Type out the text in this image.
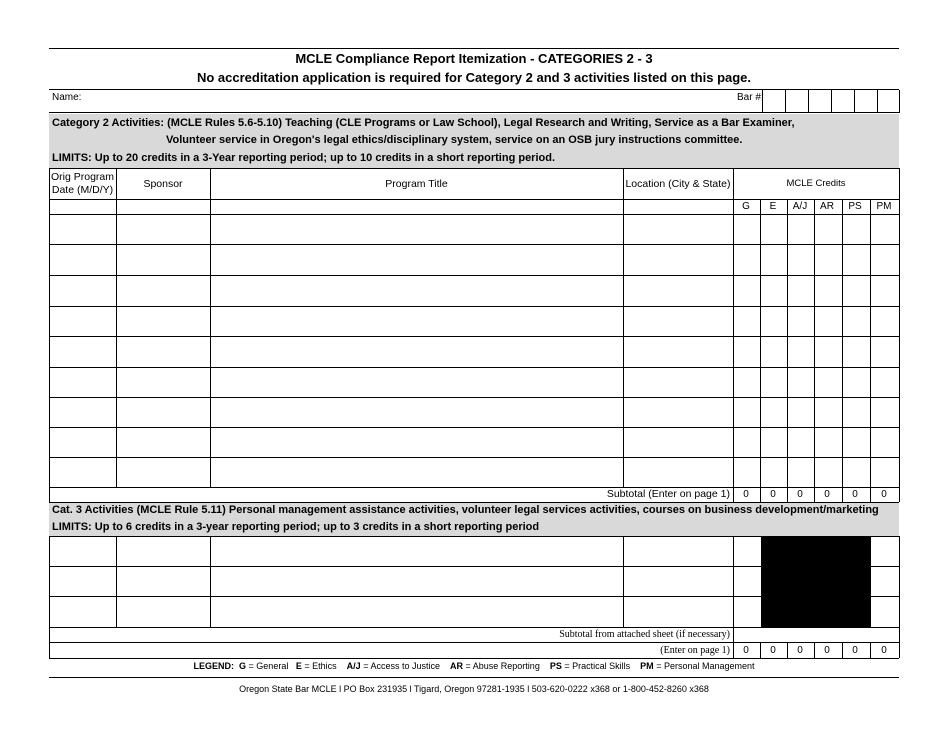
MCLE Compliance Report Itemization - CATEGORIES 2 - 3
No accreditation application is required for Category 2 and 3 activities listed on this page.
Name:	Bar #:
Category 2 Activities: (MCLE Rules 5.6-5.10) Teaching (CLE Programs or Law School), Legal Research and Writing, Service as a Bar Examiner,
Volunteer service in Oregon's legal ethics/disciplinary system, service on an OSB jury instructions committee.
LIMITS: Up to 20 credits in a 3-Year reporting period; up to 10 credits in a short reporting period.
Orig Program
Date (M/D/Y)	Sponsor	Program Title	Location (City & State)	MCLE Credits
G	E	A/J	AR	PS	PM
Subtotal (Enter on page 1)	0	0	0	0	0	0
Cat. 3 Activities (MCLE Rule 5.11) Personal management assistance activities, volunteer legal services activities, courses on business development/marketing
LIMITS: Up to 6 credits in a 3-year reporting period; up to 3 credits in a short reporting period
Subtotal from attached sheet (if necessary)
(Enter on page 1)	0	0	0	0	0	0
LEGEND: G = General E = Ethics A/J = Access to Justice AR = Abuse Reporting PS = Practical Skills PM = Personal Management
Oregon State Bar MCLE l PO Box 231935 l Tigard, Oregon 97281-1935 l 503-620-0222 x368 or 1-800-452-8260 x368
